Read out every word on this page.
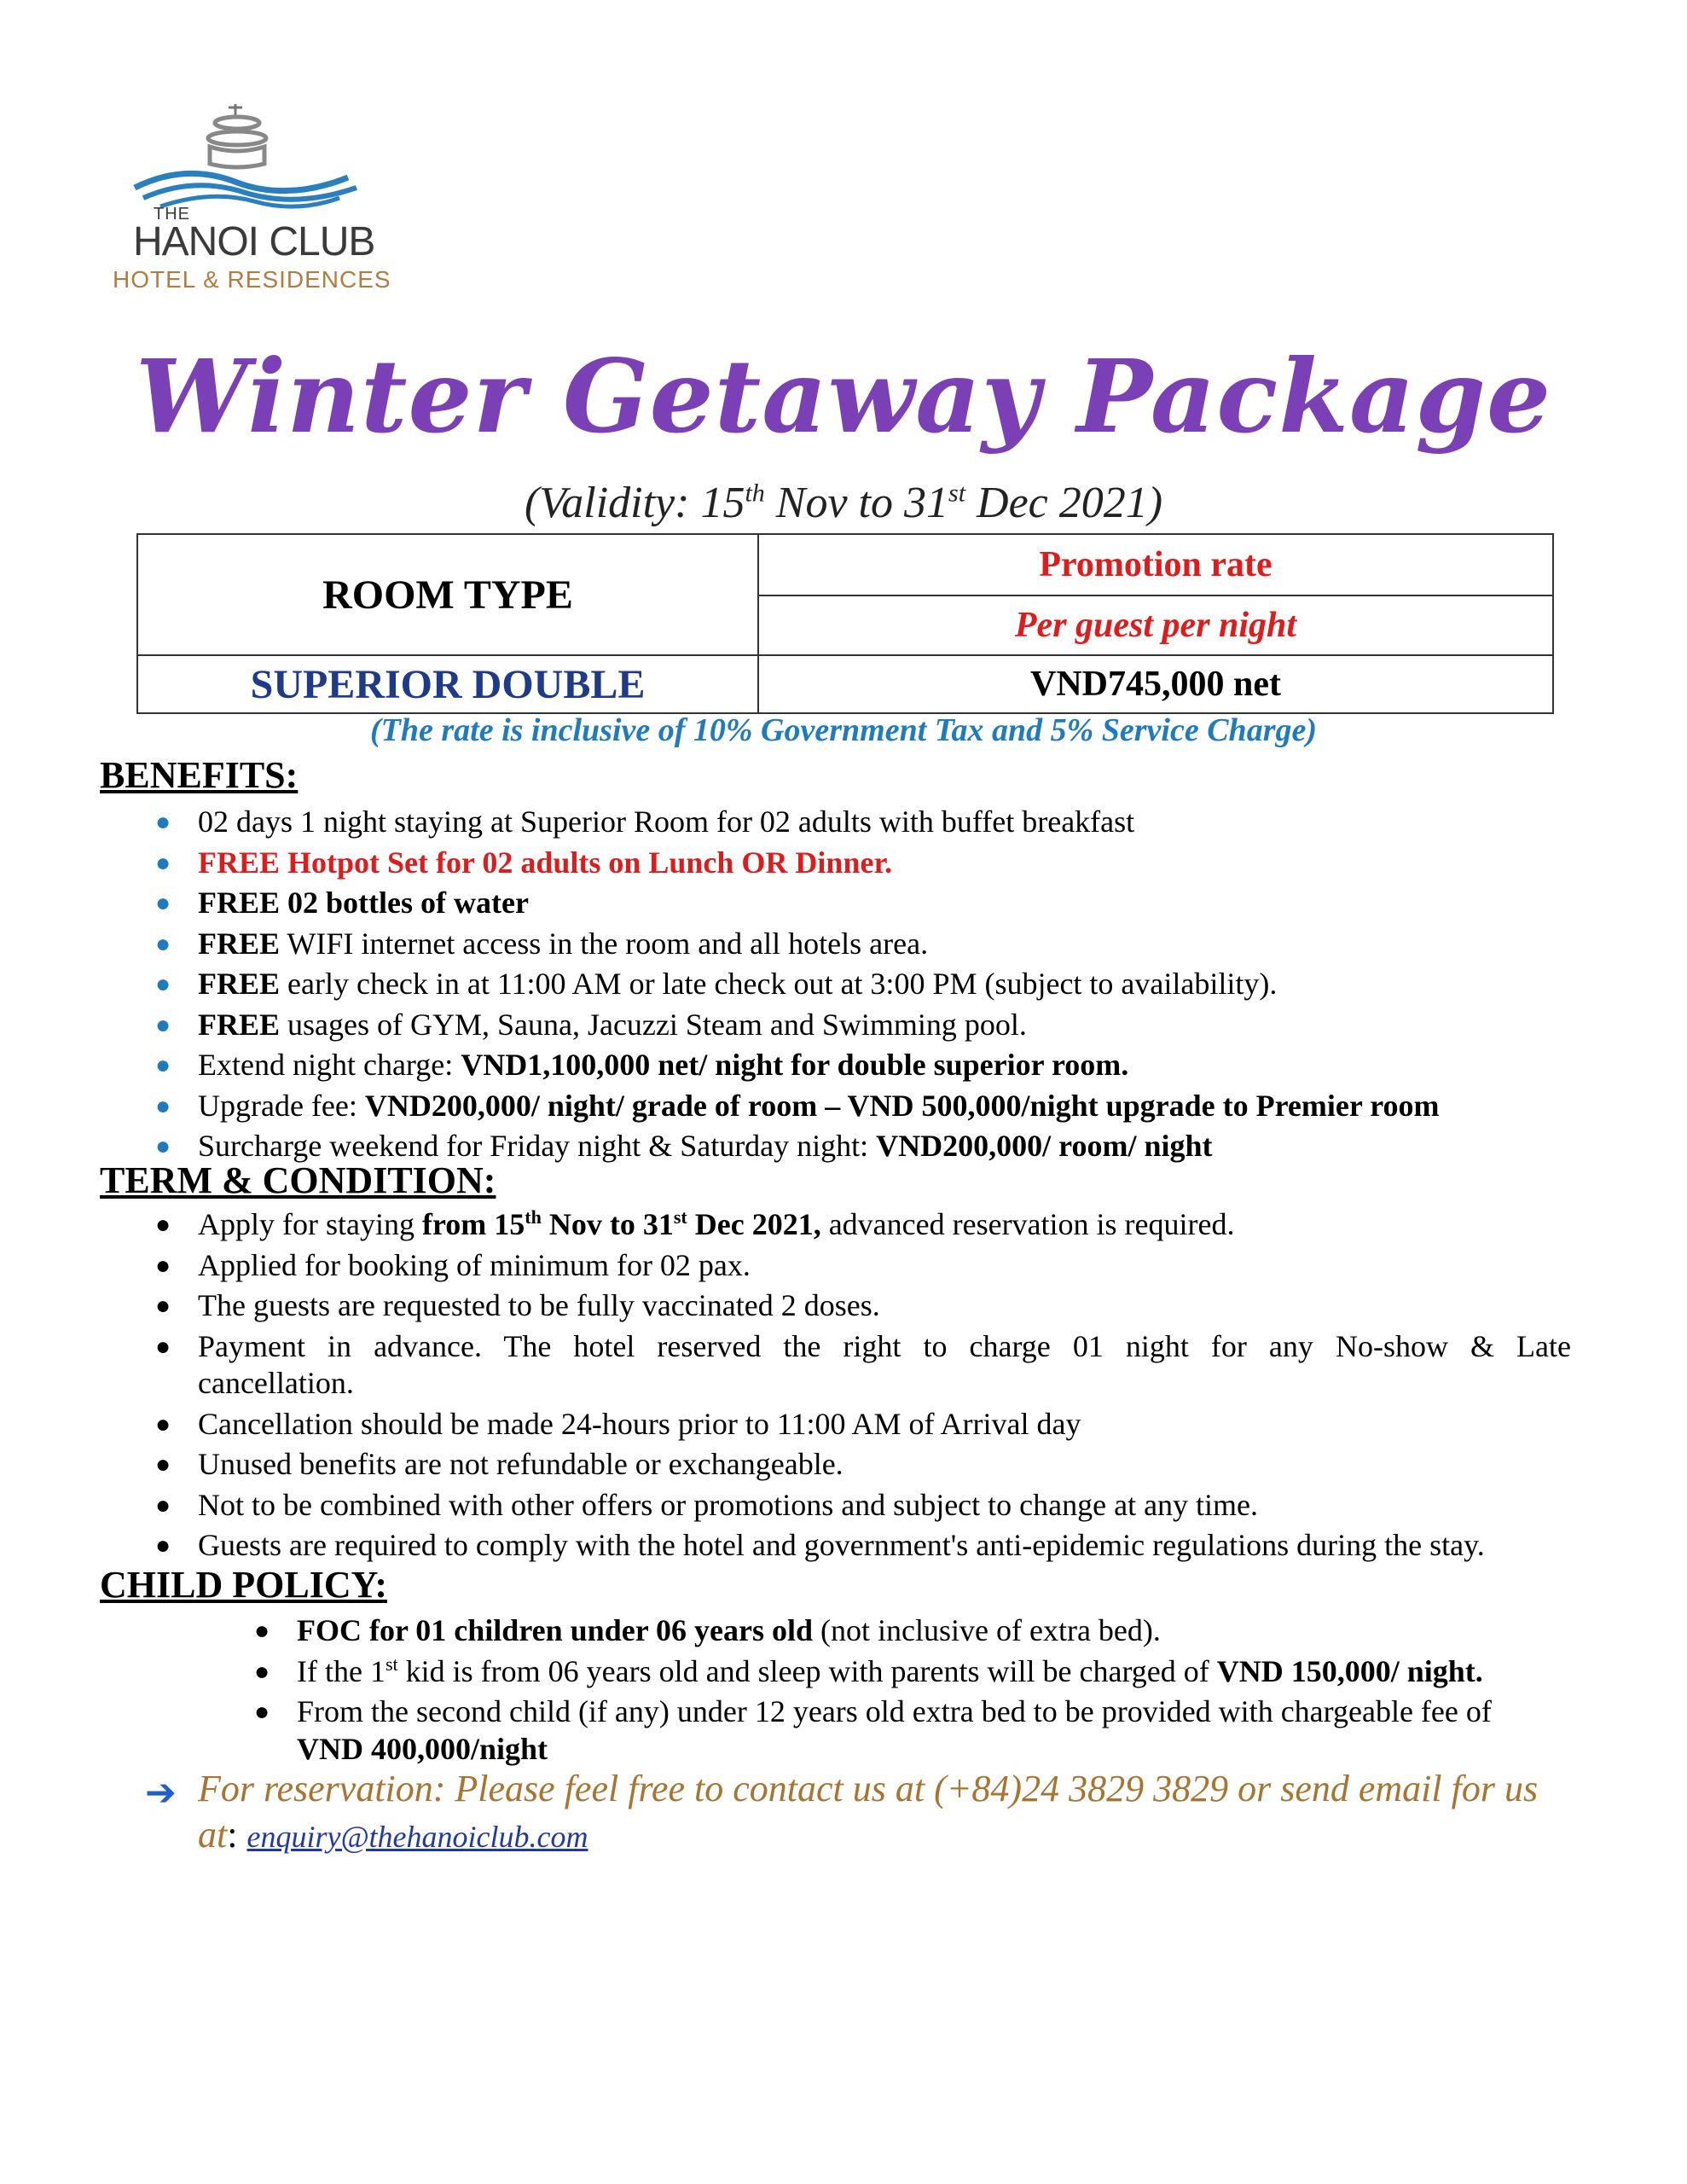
THE
HANOI CLUB
HOTEL & RESIDENCES
Winter Getaway Package
(Validity: 15th Nov to 31st Dec 2021)
ROOM TYPE	Promotion rate
	Per guest per night
SUPERIOR DOUBLE	VND745,000 net
(The rate is inclusive of 10% Government Tax and 5% Service Charge)
BENEFITS:
● 02 days 1 night staying at Superior Room for 02 adults with buffet breakfast
● FREE Hotpot Set for 02 adults on Lunch OR Dinner.
● FREE 02 bottles of water
● FREE WIFI internet access in the room and all hotels area.
● FREE early check in at 11:00 AM or late check out at 3:00 PM (subject to availability).
● FREE usages of GYM, Sauna, Jacuzzi Steam and Swimming pool.
● Extend night charge: VND1,100,000 net/ night for double superior room.
● Upgrade fee: VND200,000/ night/ grade of room – VND 500,000/night upgrade to Premier room
● Surcharge weekend for Friday night & Saturday night: VND200,000/ room/ night
TERM & CONDITION:
● Apply for staying from 15th Nov to 31st Dec 2021, advanced reservation is required.
● Applied for booking of minimum for 02 pax.
● The guests are requested to be fully vaccinated 2 doses.
● Payment in advance. The hotel reserved the right to charge 01 night for any No-show & Late
cancellation.
● Cancellation should be made 24-hours prior to 11:00 AM of Arrival day
● Unused benefits are not refundable or exchangeable.
● Not to be combined with other offers or promotions and subject to change at any time.
● Guests are required to comply with the hotel and government's anti-epidemic regulations during the stay.
CHILD POLICY:
● FOC for 01 children under 06 years old (not inclusive of extra bed).
● If the 1st kid is from 06 years old and sleep with parents will be charged of VND 150,000/ night.
● From the second child (if any) under 12 years old extra bed to be provided with chargeable fee of
VND 400,000/night
➔ For reservation: Please feel free to contact us at (+84)24 3829 3829 or send email for us
at: enquiry@thehanoiclub.com
